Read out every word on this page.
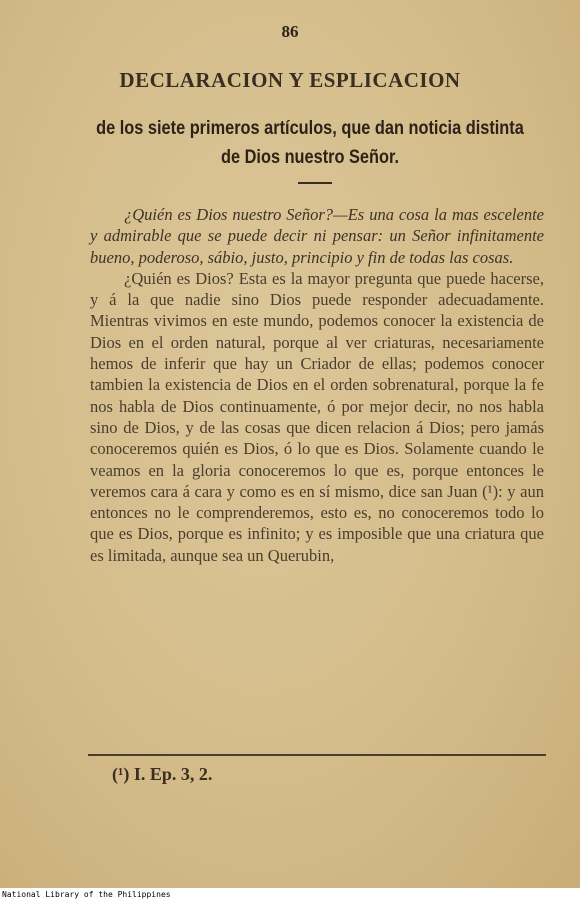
86
DECLARACION Y ESPLICACION
de los siete primeros artículos, que dan noticia distinta de Dios nuestro Señor.

¿Quién es Dios nuestro Señor?—Es una cosa la mas escelente y admirable que se puede decir ni pensar: un Señor infinitamente bueno, poderoso, sábio, justo, principio y fin de todas las cosas.

¿Quién es Dios? Esta es la mayor pregunta que puede hacerse, y á la que nadie sino Dios puede responder adecuadamente. Mientras vivimos en este mundo, podemos conocer la existencia de Dios en el orden natural, porque al ver criaturas, necesariamente hemos de inferir que hay un Criador de ellas; podemos conocer tambien la existencia de Dios en el orden sobrenatural, porque la fe nos habla de Dios continuamente, ó por mejor decir, no nos habla sino de Dios, y de las cosas que dicen relacion á Dios; pero jamás conoceremos quién es Dios, ó lo que es Dios. Solamente cuando le veamos en la gloria conoceremos lo que es, porque entonces le veremos cara á cara y como es en sí mismo, dice san Juan (¹): y aun entonces no le comprenderemos, esto es, no conoceremos todo lo que es Dios, porque es infinito; y es imposible que una criatura que es limitada, aunque sea un Querubin,

(¹) I. Ep. 3, 2.
National Library of the Philippines
